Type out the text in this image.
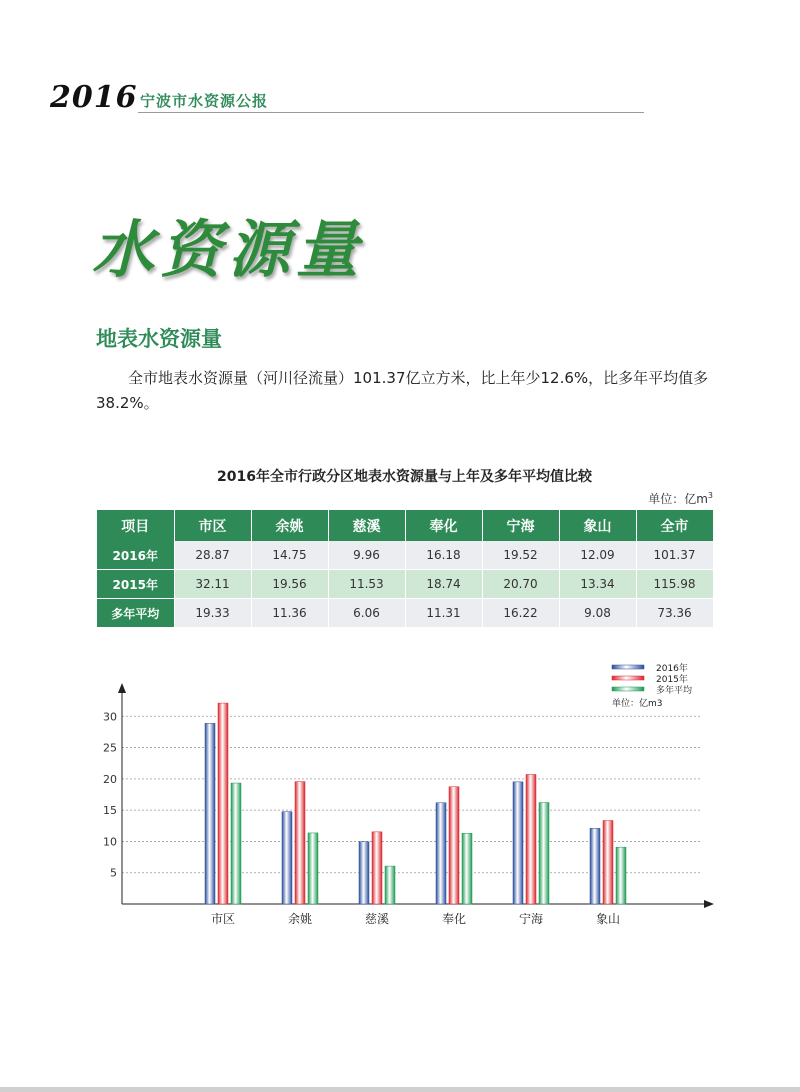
2016 宁波市水资源公报
水资源量
地表水资源量
全市地表水资源量（河川径流量）101.37亿立方米，比上年少12.6%，比多年平均值多38.2%。
2016年全市行政分区地表水资源量与上年及多年平均值比较
单位：亿$m^3$
项目	市区	余姚	慈溪	奉化	宁海	象山	全市
2016年	28.87	14.75	9.96	16.18	19.52	12.09	101.37
2015年	32.11	19.56	11.53	18.74	20.70	13.34	115.98
多年平均	19.33	11.36	6.06	11.31	16.22	9.08	73.36
5
10
15
20
25
30
市区	余姚	慈溪	奉化	宁海	象山
2016年
2015年
多年平均
单位：亿m3
